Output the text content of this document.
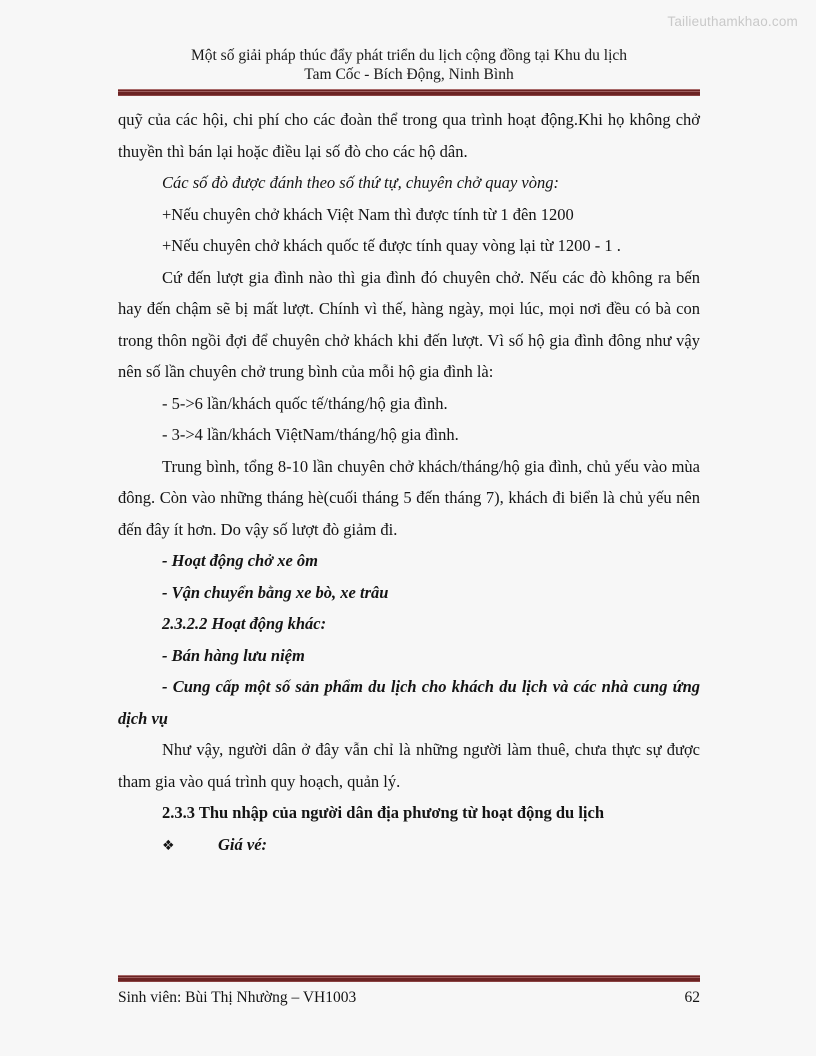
Tailieuthamkhao.com
Một số giải pháp thúc đẩy phát triển du lịch cộng đồng tại Khu du lịch
Tam Cốc - Bích Động, Ninh Bình

quỹ của các hội, chi phí cho các đoàn thể trong qua trình hoạt động.Khi họ không chở thuyền thì bán lại hoặc điều lại số đò cho các hộ dân.

Các số đò được đánh theo số thứ tự, chuyên chở quay vòng:

+Nếu chuyên chở khách Việt Nam thì được tính từ 1 đên 1200

+Nếu chuyên chở khách quốc tế được tính quay vòng lại từ 1200 - 1 .

Cứ đến lượt gia đình nào thì gia đình đó chuyên chở. Nếu các đò không ra bến hay đến chậm sẽ bị mất lượt. Chính vì thế, hàng ngày, mọi lúc, mọi nơi đều có bà con trong thôn ngồi đợi để chuyên chở khách khi đến lượt. Vì số hộ gia đình đông như vậy nên số lần chuyên chở trung bình của mỗi hộ gia đình là:

- 5->6 lần/khách quốc tế/tháng/hộ gia đình.

- 3->4 lần/khách ViệtNam/tháng/hộ gia đình.

Trung bình, tổng 8-10 lần chuyên chở khách/tháng/hộ gia đình, chủ yếu vào mùa đông. Còn vào những tháng hè(cuối tháng 5 đến tháng 7), khách đi biển là chủ yếu nên đến đây ít hơn. Do vậy số lượt đò giảm đi.

- Hoạt động chở xe ôm

- Vận chuyển bằng xe bò, xe trâu

2.3.2.2 Hoạt động khác:

- Bán hàng lưu niệm

- Cung cấp một số sản phẩm du lịch cho khách du lịch và các nhà cung ứng dịch vụ

Như vậy, người dân ở đây vẫn chỉ là những người làm thuê, chưa thực sự được tham gia vào quá trình quy hoạch, quản lý.

2.3.3 Thu nhập của người dân địa phương từ hoạt động du lịch

❖	Giá vé:
Sinh viên: Bùi Thị Nhường – VH1003	62
